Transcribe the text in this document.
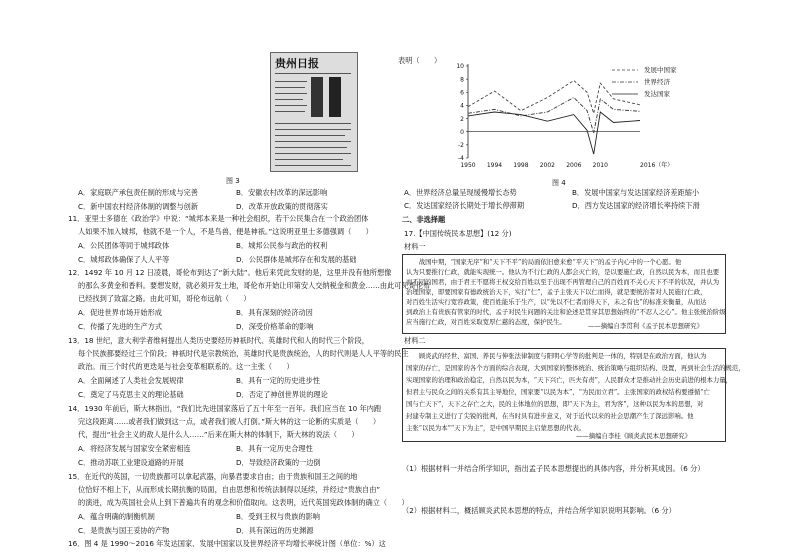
贵州日报
图 3
A．家庭联产承包责任制的形成与完善	B．安徽农村改革的深远影响
C．新中国农村经济体制的调整与创新	D．改革开放政策的贯彻落实
11．亚里士多德在《政治学》中说：“城邦本来是一种社会组织，若干公民集合在一个政治团体
人如果不加入城邦，他就不是一个人，不是鸟兽，便是神祇。”这说明亚里士多德强调（　　）
A．公民团体等同于城邦政体	B．城邦公民参与政治的权利
C．城邦政体确保了人人平等	D．公民群体是城邦存在和发展的基础
12．1492 年 10 月 12 日凌晨，哥伦布到达了“新大陆”。他后来凭此发财的是，这里并没有他所想像
的那么多黄金和香料。要想发财，就必须开发土地，哥伦布开始让印第安人交纳税金和黄金……由此可见哥伦布
已经找到了致富之路。由此可知，哥伦布远航（　　）
A．促进世界市场开始形成	B．具有深刻的经济动因
C．传播了先进的生产方式	D．深受价格革命的影响
13．18 世纪，意大利学者维柯提出人类历史要经历神祇时代、英雄时代和人的时代三个阶段，
每个民族都要经过三个阶段；神祇时代是宗教统治，英雄时代是贵族统治，人的时代则是人人平等的民主
政治。而三个时代的更迭是与社会变革相联系的。这一主张（　　）
A．全面阐述了人类社会发展规律	B．具有一定的历史进步性
C．奠定了马克思主义的理论基础	D．否定了神创世界说的理论
14．1930 年前后，斯大林指出，“我们比先进国家落后了五十年至一百年。我们应当在 10 年内跑
完这段距离……或者我们做到这一点，或者我们被人打倒。”斯大林的这一论断的实质是（　　）
代，提出“社会主义的敌人是什么人……”后来在斯大林的体制下，斯大林的说法（　　）
A．将经济发展与国家安全紧密相连	B．具有一定历史合理性
C．推动苏联工业建设道路的开展	D．导致经济政策的一边倒
15．在近代的英国，一切贵族都可以拿起武器，向暴君要求自由；由于贵族和国王之间的地
位恰好不相上下，从而形成长期抗衡的局面，自由思想和传统法制得以延续，并经过“贵族自由”
的演进，成为英国社会从上到下普遍共有的观念和价值取向。这表明，近代英国宪政体制的确立（　　）
A．蕴含明确的制衡机制	B．受到王权与贵族的影响
C．是贵族与国王妥协的产物	D．具有深远的历史渊源
16．图 4 是 1990～2016 年发达国家、发展中国家以及世界经济平均增长率统计图（单位：%）这
表明（　　）
10
8
6
4
2
0
-2
-4
1950 1994 1998 2002 2006 2010	2016（年）
发展中国家
世界经济
发达国家
图 4
A．世界经济总量呈现缓慢增长态势	B．发展中国家与发达国家经济差距缩小
C．发达国家经济长期处于增长停滞期	D．西方发达国家的经济增长率持续下滑
二、非选择题
17.【中国传统民本思想】(12 分)
材料一
　　战国中期，“国家无序”和“天下不平”的局面依旧愈来愈“平天下”的孟子内心中的一个心愿。他
认为只要推行仁政，就能实现统一。他认为不行仁政的人都会灭亡的，是以要施仁政，自然以民为本，而且也要
而不同的国君，由于君王不愿将王权交给百姓以至于出现不再管理自己的百姓而不关心天下不平的状况，并认为
治理国家，即要国家有德政统治天下，实行“仁”，孟子主张天下以仁而得，就是要统治者对人民施行仁政，
对百姓生活实行宽容政策，使百姓能乐于生产，以“先以不仁者而得天下，未之有也”的标准来衡量，从而达
到政治上有贵族有管家的时代，孟子对民生问题的关注和论述是贯穿其思想始终的“不忍人之心”。他主张统治阶级
应当施行仁政，对百姓采取宽厚仁慈的态度，保护民生。	——摘编自李贯利《孟子民本思想研究》
材料二
　　顾炎武的经世、富国、养民与伸张法律制度与阳明心学等的批判是一体的，特别是在政治方面，他认为
国家的存亡，是国家的各个方面的综合表现，大到国家的整体统治、统治策略与组织结构、设置，再到社会生活的规范，
实现国家的治理和政治稳定，自然以民为本，“天下兴亡，匹夫有责”，人民群众才是推动社会历史前进的根本力量，
但君主与民众之间的关系有其主导地位，国家要“以民为本”，“为民而立君”。主张国家的政权结构要遵循“亡
国与亡天下”，天下之存亡之大，民的主体地位的思想，即“天下为主，君为客”，这种以民为本的思想，对
封建专制主义进行了尖锐的批判，在当时具有进步意义，对于近代以来的社会思潮产生了深远影响。他
主张“以民为本”“天下为主”，是中国早期民主启蒙思想的代表。
——摘编自李桂《顾炎武民本思想研究》
（1）根据材料一并结合所学知识，指出孟子民本思想提出的具体内容，并分析其成因。（6 分）
（2）根据材料二，概括顾炎武民本思想的特点，并结合所学知识说明其影响。（6 分）
